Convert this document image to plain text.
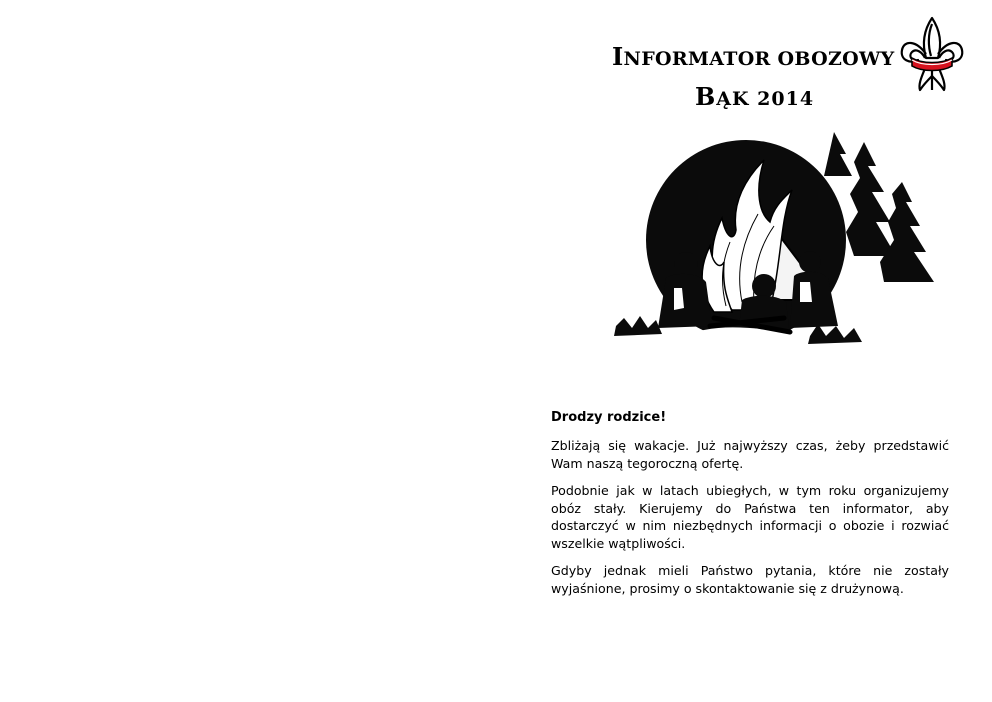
INFORMATOR OBOZOWY
BĄK 2014

Drodzy rodzice!

Zbliżają się wakacje. Już najwyższy czas, żeby przedstawić Wam naszą tegoroczną ofertę.

Podobnie jak w latach ubiegłych, w tym roku organizujemy obóz stały. Kierujemy do Państwa ten informator, aby dostarczyć w nim niezbędnych informacji o obozie i rozwiać wszelkie wątpliwości.

Gdyby jednak mieli Państwo pytania, które nie zostały wyjaśnione, prosimy o skontaktowanie się z drużynową.
